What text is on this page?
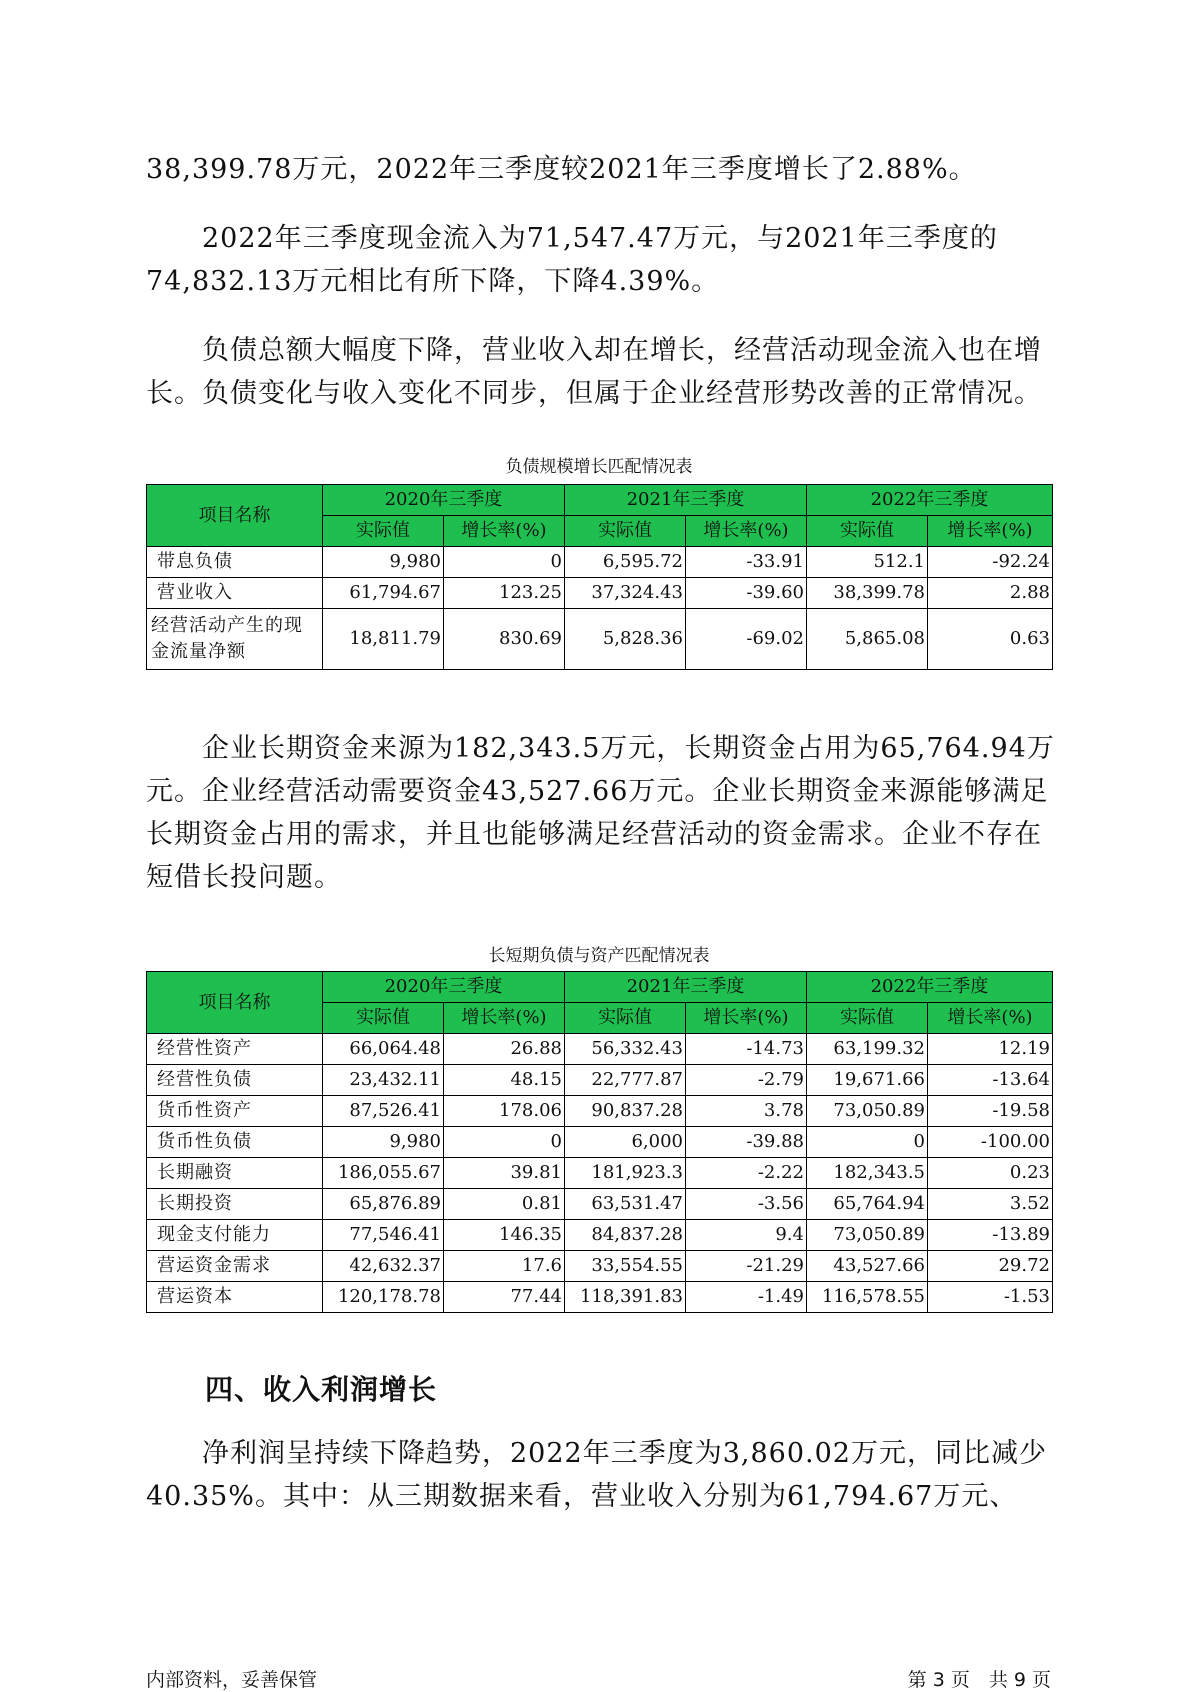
38,399.78万元，2022年三季度较2021年三季度增长了2.88%。

　　2022年三季度现金流入为71,547.47万元，与2021年三季度的74,832.13万元相比有所下降，下降4.39%。

　　负债总额大幅度下降，营业收入却在增长，经营活动现金流入也在增长。负债变化与收入变化不同步，但属于企业经营形势改善的正常情况。

负债规模增长匹配情况表
项目名称	2020年三季度		2021年三季度		2022年三季度	
	实际值	增长率(%)	实际值	增长率(%)	实际值	增长率(%)
带息负债	9,980	0	6,595.72	-33.91	512.1	-92.24
营业收入	61,794.67	123.25	37,324.43	-39.60	38,399.78	2.88
经营活动产生的现金流量净额	18,811.79	830.69	5,828.36	-69.02	5,865.08	0.63

　　企业长期资金来源为182,343.5万元，长期资金占用为65,764.94万元。企业经营活动需要资金43,527.66万元。企业长期资金来源能够满足长期资金占用的需求，并且也能够满足经营活动的资金需求。企业不存在短借长投问题。

长短期负债与资产匹配情况表
项目名称	2020年三季度		2021年三季度		2022年三季度	
	实际值	增长率(%)	实际值	增长率(%)	实际值	增长率(%)
经营性资产	66,064.48	26.88	56,332.43	-14.73	63,199.32	12.19
经营性负债	23,432.11	48.15	22,777.87	-2.79	19,671.66	-13.64
货币性资产	87,526.41	178.06	90,837.28	3.78	73,050.89	-19.58
货币性负债	9,980	0	6,000	-39.88	0	-100.00
长期融资	186,055.67	39.81	181,923.3	-2.22	182,343.5	0.23
长期投资	65,876.89	0.81	63,531.47	-3.56	65,764.94	3.52
现金支付能力	77,546.41	146.35	84,837.28	9.4	73,050.89	-13.89
营运资金需求	42,632.37	17.6	33,554.55	-21.29	43,527.66	29.72
营运资本	120,178.78	77.44	118,391.83	-1.49	116,578.55	-1.53
四、收入利润增长

　　净利润呈持续下降趋势，2022年三季度为3,860.02万元，同比减少40.35%。其中：从三期数据来看，营业收入分别为61,794.67万元、

内部资料，妥善保管	第 3 页　共 9 页
